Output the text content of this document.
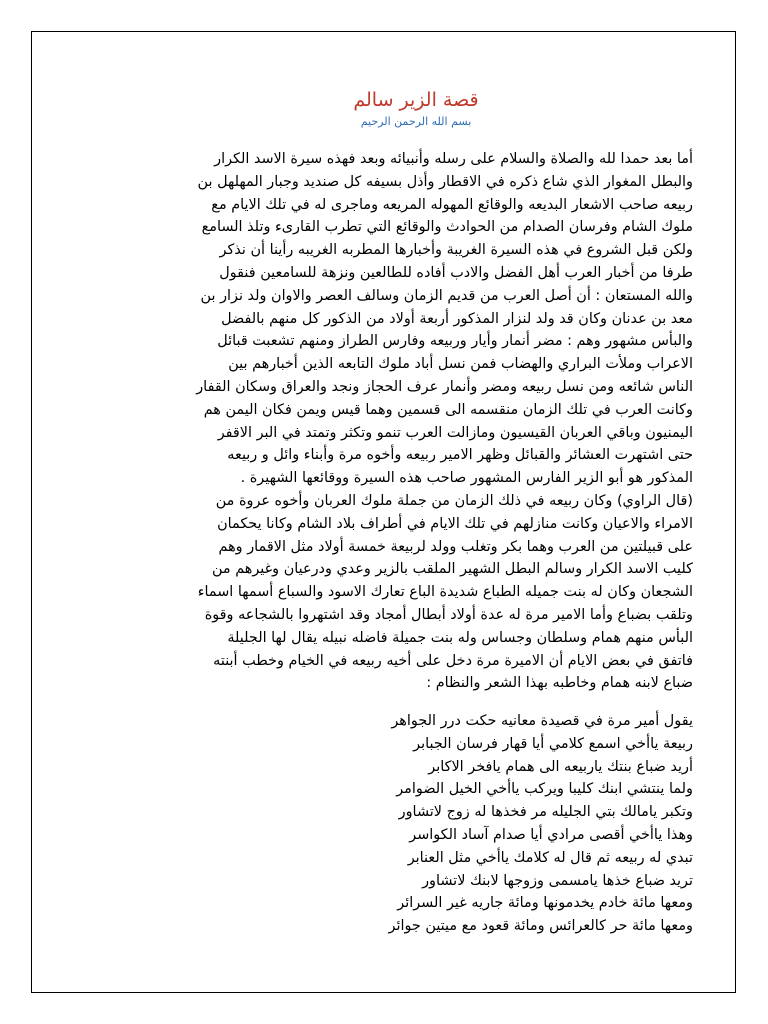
قصة الزير سالم
بسم الله الرحمن الرحيم
أما بعد حمدا لله والصلاة والسلام على رسله وأنبيائه وبعد فهذه سيرة الاسد الكرار
والبطل المغوار الذي شاع ذكره في الاقطار وأذل بسيفه كل صنديد وجبار المهلهل بن
ربيعه صاحب الاشعار البديعه والوقائع المهوله المريعه وماجرى له في تلك الايام مع
ملوك الشام وفرسان الصدام من الحوادث والوقائع التي تطرب القارىء وتلذ السامع
ولكن قبل الشروع في هذه السيرة الغريبة وأخبارها المطربه الغريبه رأينا أن نذكر
طرفا من أخبار العرب أهل الفضل والادب أفاده للطالعين ونزهة للسامعين فنقول
والله المستعان : أن أصل العرب من قديم الزمان وسالف العصر والاوان ولد نزار بن
معد بن عدنان وكان قد ولد لنزار المذكور أربعة أولاد من الذكور كل منهم بالفضل
والبأس مشهور وهم : مضر أنمار وأيار وربيعه وفارس الطراز ومنهم تشعبت قبائل
الاعراب وملأت البراري والهضاب فمن نسل أباد ملوك التابعه الذين أخبارهم بين
الناس شائعه ومن نسل ربيعه ومضر وأنمار عرف الحجاز ونجد والعراق وسكان القفار
وكانت العرب في تلك الزمان منقسمه الى قسمين وهما قيس ويمن فكان اليمن هم
اليمنيون وباقي العربان القيسيون ومازالت العرب تنمو وتكثر وتمتد في البر الاقفر
حتى اشتهرت العشائر والقبائل وظهر الامير ربيعه وأخوه مرة وأبناء وائل و ربيعه
المذكور هو أبو الزير الفارس المشهور صاحب هذه السيرة ووقائعها الشهيرة .
(قال الراوي) وكان ربيعه في ذلك الزمان من جملة ملوك العربان وأخوه عروة من
الامراء والاعيان وكانت منازلهم في تلك الايام في أطراف بلاد الشام وكانا يحكمان
على قبيلتين من العرب وهما بكر وتغلب وولد لربيعة خمسة أولاد مثل الاقمار وهم
كليب الاسد الكرار وسالم البطل الشهير الملقب بالزير وعدي ودرعيان وغيرهم من
الشجعان وكان له بنت جميله الطباع شديدة الباع تعارك الاسود والسباع أسمها اسماء
وتلقب بضباع وأما الامير مرة له عدة أولاد أبطال أمجاد وقد اشتهروا بالشجاعه وقوة
البأس منهم همام وسلطان وجساس وله بنت جميلة فاضله نبيله يقال لها الجليلة
فاتفق في بعض الايام أن الاميرة مرة دخل على أخيه ربيعه في الخيام وخطب أبنته
ضباع لابنه همام وخاطبه بهذا الشعر والنظام :
يقول أمير مرة في قصيدة معانيه حكت درر الجواهر
ربيعة ياأخي اسمع كلامي أيا قهار فرسان الجبابر
أريد ضباع بنتك ياربيعه الى همام يافخر الاكابر
ولما ينتشي ابنك كليبا ويركب ياأخي الخيل الضوامر
وتكبر يامالك بتي الجليله مر فخذها له زوج لاتشاور
وهذا ياأخي أقصى مرادي أيا صدام آساد الكواسر
تبدي له ربيعه ثم قال له كلامك ياأخي مثل العنابر
تريد ضباع خذها يامسمى وزوجها لابنك لاتشاور
ومعها مائة خادم يخدمونها ومائة جاريه غير السرائر
ومعها مائة حر كالعرائس ومائة قعود مع ميتين جوائر
